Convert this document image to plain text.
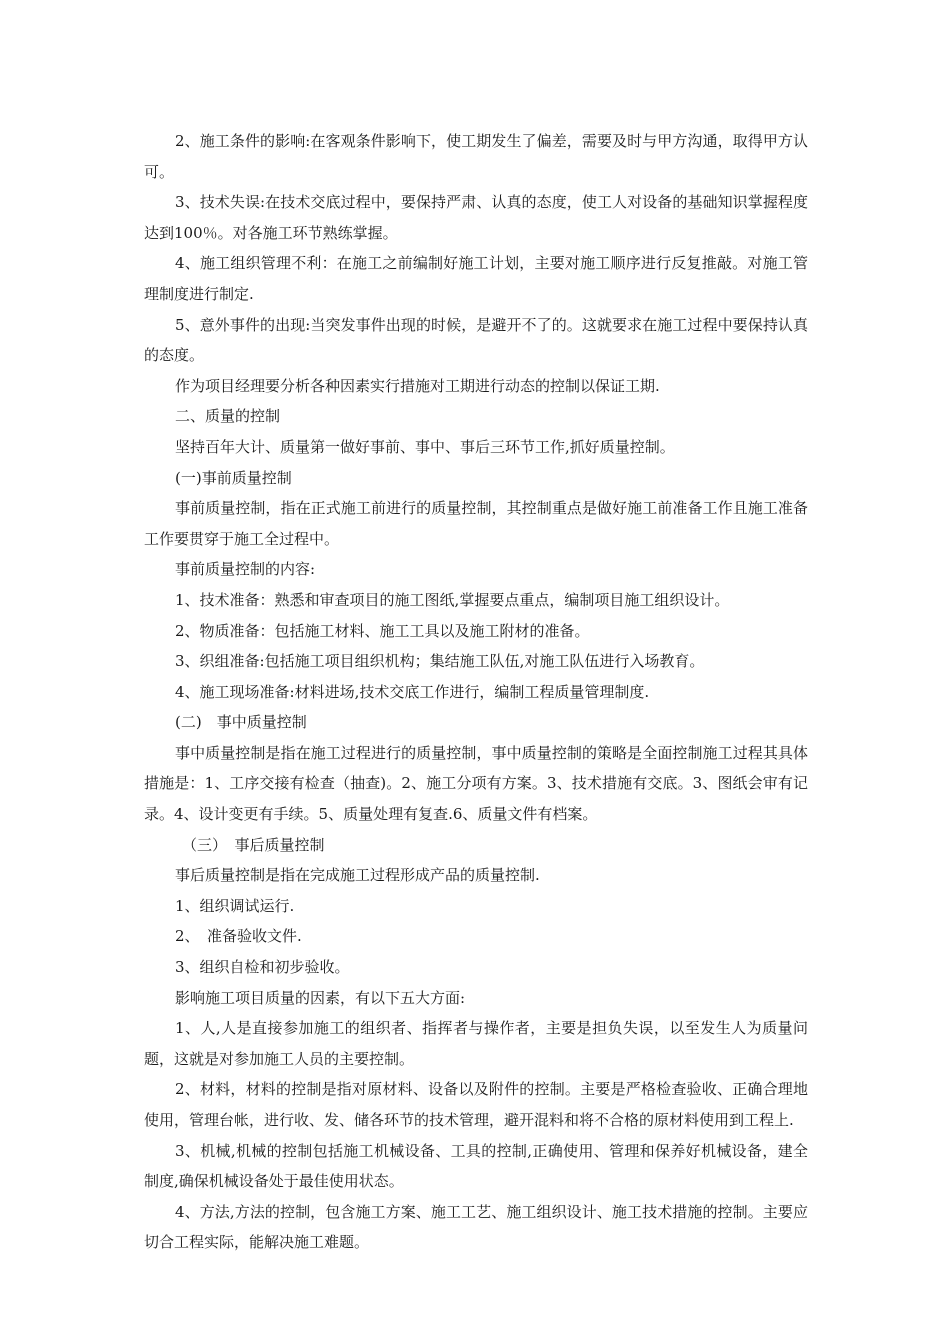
2、施工条件的影响:在客观条件影响下，使工期发生了偏差，需要及时与甲方沟通，取得甲方认可。

3、技术失误:在技术交底过程中，要保持严肃、认真的态度，使工人对设备的基础知识掌握程度达到100％。对各施工环节熟练掌握。

4、施工组织管理不利：在施工之前编制好施工计划，主要对施工顺序进行反复推敲。对施工管理制度进行制定.

5、意外事件的出现:当突发事件出现的时候，是避开不了的。这就要求在施工过程中要保持认真的态度。

作为项目经理要分析各种因素实行措施对工期进行动态的控制以保证工期.

二、质量的控制

坚持百年大计、质量第一做好事前、事中、事后三环节工作,抓好质量控制。

(一)事前质量控制

事前质量控制，指在正式施工前进行的质量控制，其控制重点是做好施工前准备工作且施工准备工作要贯穿于施工全过程中。

事前质量控制的内容:

1、技术准备：熟悉和审查项目的施工图纸,掌握要点重点，编制项目施工组织设计。

2、物质准备：包括施工材料、施工工具以及施工附材的准备。

3、织组准备:包括施工项目组织机构；集结施工队伍,对施工队伍进行入场教育。

4、施工现场准备:材料进场,技术交底工作进行，编制工程质量管理制度.

(二)　事中质量控制

事中质量控制是指在施工过程进行的质量控制，事中质量控制的策略是全面控制施工过程其具体措施是：1、工序交接有检查（抽查)。2、施工分项有方案。3、技术措施有交底。3、图纸会审有记录。4、设计变更有手续。5、质量处理有复查.6、质量文件有档案。

（三）　事后质量控制

事后质量控制是指在完成施工过程形成产品的质量控制.

1、组织调试运行.

2、　准备验收文件.

3、组织自检和初步验收。

影响施工项目质量的因素，有以下五大方面:

1、人,人是直接参加施工的组织者、指挥者与操作者，主要是担负失误，以至发生人为质量问题，这就是对参加施工人员的主要控制。

2、材料，材料的控制是指对原材料、设备以及附件的控制。主要是严格检查验收、正确合理地使用，管理台帐，进行收、发、储各环节的技术管理，避开混料和将不合格的原材料使用到工程上.

3、机械,机械的控制包括施工机械设备、工具的控制,正确使用、管理和保养好机械设备，建全制度,确保机械设备处于最佳使用状态。

4、方法,方法的控制，包含施工方案、施工工艺、施工组织设计、施工技术措施的控制。主要应切合工程实际，能解决施工难题。
